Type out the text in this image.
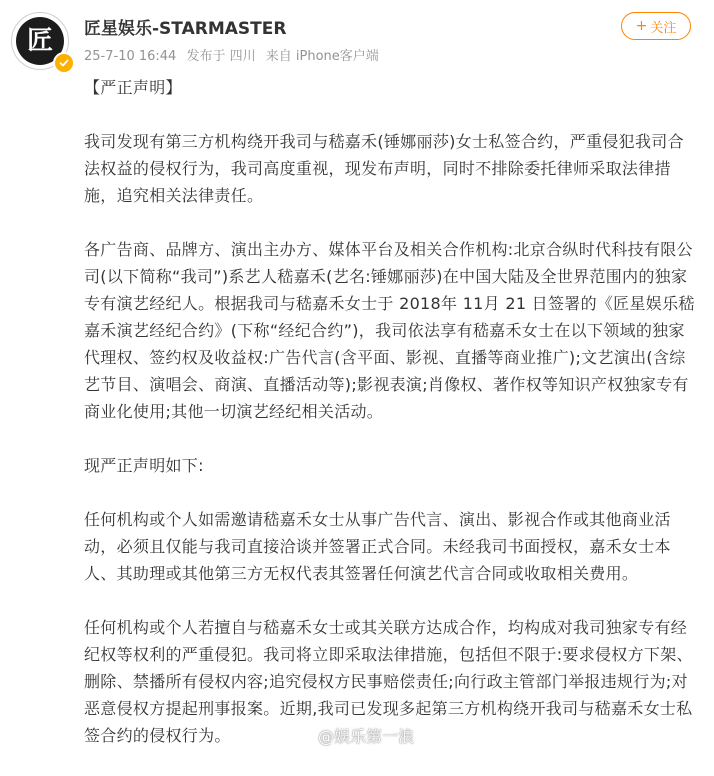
匠 匠星娱乐-STARMASTER
25-7-10 16:44 发布于 四川 来自 iPhone客户端
+ 关注

【严正声明】

我司发现有第三方机构绕开我司与嵇嘉禾(锤娜丽莎)女士私签合约，严重侵犯我司合法权益的侵权行为，我司高度重视，现发布声明，同时不排除委托律师采取法律措施，追究相关法律责任。

各广告商、品牌方、演出主办方、媒体平台及相关合作机构:北京合纵时代科技有限公司(以下简称“我司”)系艺人嵇嘉禾(艺名:锤娜丽莎)在中国大陆及全世界范围内的独家专有演艺经纪人。根据我司与嵇嘉禾女士于 2018年 11月 21 日签署的《匠星娱乐嵇嘉禾演艺经纪合约》(下称“经纪合约”)，我司依法享有嵇嘉禾女士在以下领域的独家代理权、签约权及收益权:广告代言(含平面、影视、直播等商业推广);文艺演出(含综艺节目、演唱会、商演、直播活动等);影视表演;肖像权、著作权等知识产权独家专有商业化使用;其他一切演艺经纪相关活动。

现严正声明如下:

任何机构或个人如需邀请嵇嘉禾女士从事广告代言、演出、影视合作或其他商业活动，必须且仅能与我司直接洽谈并签署正式合同。未经我司书面授权，嘉禾女士本人、其助理或其他第三方无权代表其签署任何演艺代言合同或收取相关费用。

任何机构或个人若擅自与嵇嘉禾女士或其关联方达成合作，均构成对我司独家专有经纪权等权利的严重侵犯。我司将立即采取法律措施，包括但不限于:要求侵权方下架、删除、禁播所有侵权内容;追究侵权方民事赔偿责任;向行政主管部门举报违规行为;对恶意侵权方提起刑事报案。近期,我司已发现多起第三方机构绕开我司与嵇嘉禾女士私签合约的侵权行为。	@娱乐第一浪
